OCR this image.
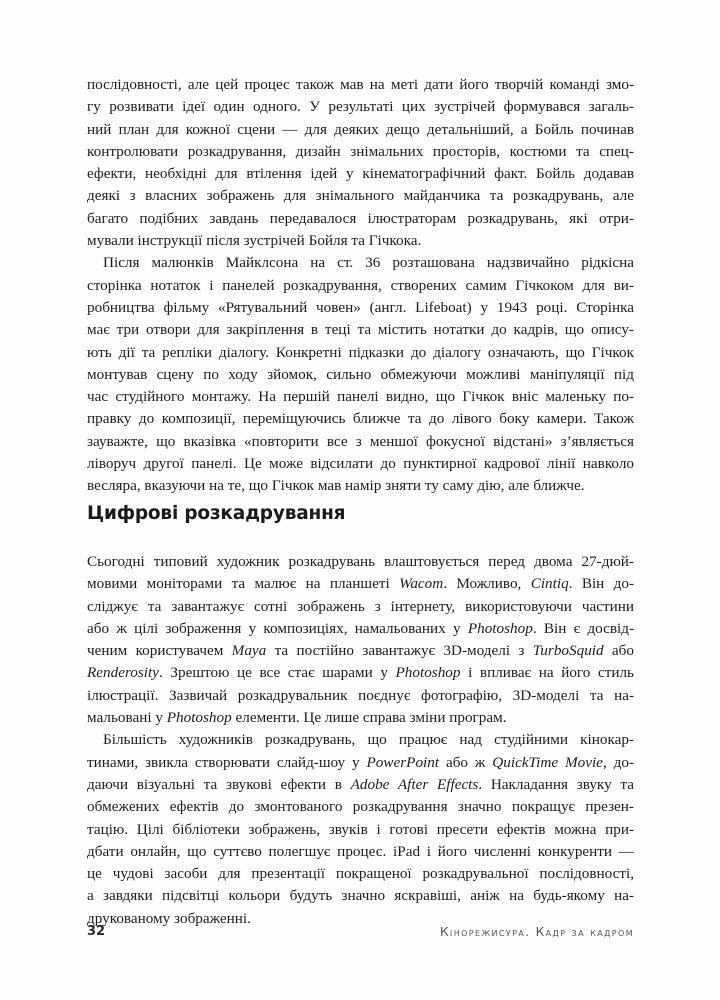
послідовності, але цей процес також мав на меті дати його творчій команді змо-
гу розвивати ідеї один одного. У результаті цих зустрічей формувався загаль-
ний план для кожної сцени — для деяких дещо детальніший, а Бойль починав
контролювати розкадрування, дизайн знімальних просторів, костюми та спец-
ефекти, необхідні для втілення ідей у кінематографічний факт. Бойль додавав
деякі з власних зображень для знімального майданчика та розкадрувань, але
багато подібних завдань передавалося ілюстраторам розкадрувань, які отри-
мували інструкції після зустрічей Бойля та Гічкока.
Після малюнків Майклсона на ст. 36 розташована надзвичайно рідкісна
сторінка нотаток і панелей розкадрування, створених самим Гічкоком для ви-
робництва фільму «Рятувальний човен» (англ. Lifeboat) у 1943 році. Сторінка
має три отвори для закріплення в теці та містить нотатки до кадрів, що опису-
ють дії та репліки діалогу. Конкретні підказки до діалогу означають, що Гічкок
монтував сцену по ходу зйомок, сильно обмежуючи можливі маніпуляції під
час студійного монтажу. На першій панелі видно, що Гічкок вніс маленьку по-
правку до композиції, переміщуючись ближче та до лівого боку камери. Також
зауважте, що вказівка «повторити все з меншої фокусної відстані» з’являється
ліворуч другої панелі. Це може відсилати до пунктирної кадрової лінії навколо
весляра, вказуючи на те, що Гічкок мав намір зняти ту саму дію, але ближче.
Цифрові розкадрування
Сьогодні типовий художник розкадрувань влаштовується перед двома 27-дюй-
мовими моніторами та малює на планшеті Wacom. Можливо, Cintiq. Він до-
сліджує та завантажує сотні зображень з інтернету, використовуючи частини
або ж цілі зображення у композиціях, намальованих у Photoshop. Він є досвід-
ченим користувачем Maya та постійно завантажує 3D-моделі з TurboSquid або
Renderosity. Зрештою це все стає шарами у Photoshop і впливає на його стиль
ілюстрації. Зазвичай розкадрувальник поєднує фотографію, 3D-моделі та на-
мальовані у Photoshop елементи. Це лише справа зміни програм.
Більшість художників розкадрувань, що працює над студійними кінокар-
тинами, звикла створювати слайд-шоу у PowerPoint або ж QuickTime Movie, до-
даючи візуальні та звукові ефекти в Adobe After Effects. Накладання звуку та
обмежених ефектів до змонтованого розкадрування значно покращує презен-
тацію. Цілі бібліотеки зображень, звуків і готові пресети ефектів можна при-
дбати онлайн, що суттєво полегшує процес. iPad і його численні конкуренти —
це чудові засоби для презентації покращеної розкадрувальної послідовності,
а завдяки підсвітці кольори будуть значно яскравіші, аніж на будь-якому на-
друкованому зображенні.
32	Кінорежисура. Кадр за кадром
